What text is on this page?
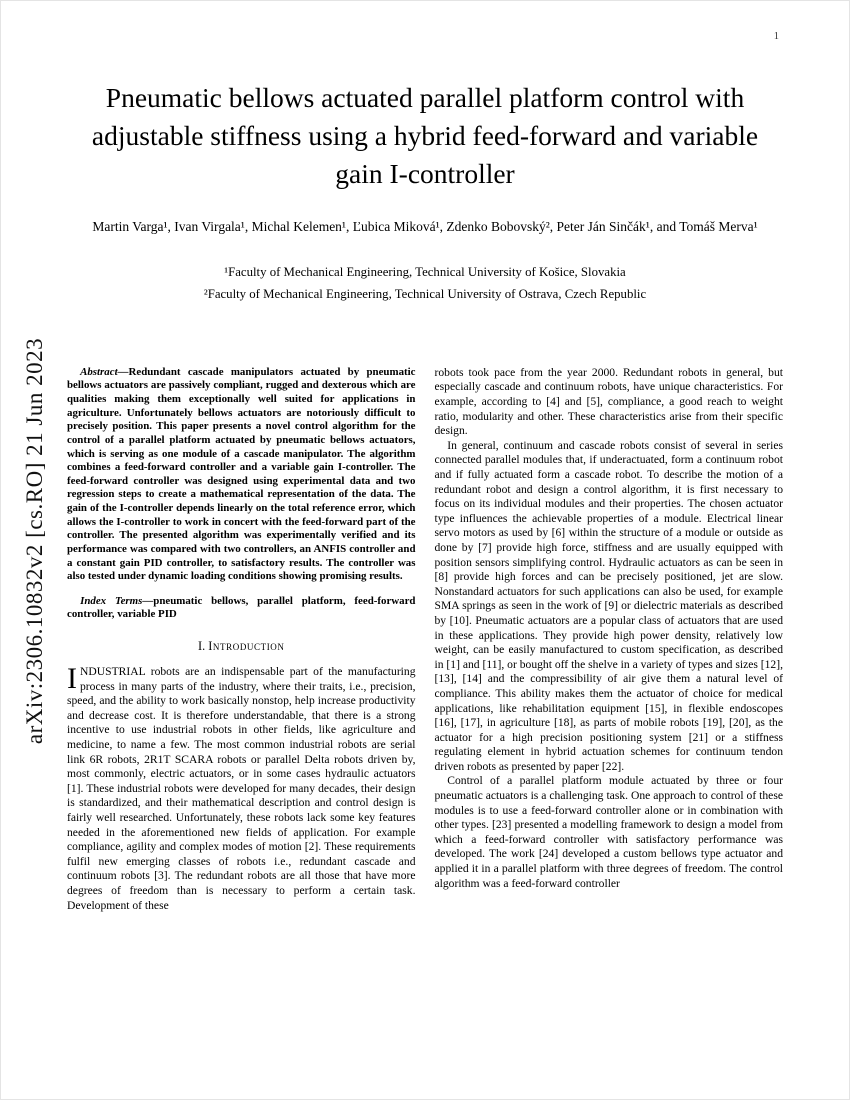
1
arXiv:2306.10832v2 [cs.RO] 21 Jun 2023
Pneumatic bellows actuated parallel platform control with adjustable stiffness using a hybrid feed-forward and variable gain I-controller
Martin Varga¹, Ivan Virgala¹, Michal Kelemen¹, Ľubica Miková¹, Zdenko Bobovský², Peter Ján Sinčák¹, and Tomáš Merva¹
¹Faculty of Mechanical Engineering, Technical University of Košice, Slovakia
²Faculty of Mechanical Engineering, Technical University of Ostrava, Czech Republic

Abstract—Redundant cascade manipulators actuated by pneumatic bellows actuators are passively compliant, rugged and dexterous which are qualities making them exceptionally well suited for applications in agriculture. Unfortunately bellows actuators are notoriously difficult to precisely position. This paper presents a novel control algorithm for the control of a parallel platform actuated by pneumatic bellows actuators, which is serving as one module of a cascade manipulator. The algorithm combines a feed-forward controller and a variable gain I-controller. The feed-forward controller was designed using experimental data and two regression steps to create a mathematical representation of the data. The gain of the I-controller depends linearly on the total reference error, which allows the I-controller to work in concert with the feed-forward part of the controller. The presented algorithm was experimentally verified and its performance was compared with two controllers, an ANFIS controller and a constant gain PID controller, to satisfactory results. The controller was also tested under dynamic loading conditions showing promising results.

Index Terms—pneumatic bellows, parallel platform, feed-forward controller, variable PID

I. Introduction

INDUSTRIAL robots are an indispensable part of the manufacturing process in many parts of the industry, where their traits, i.e., precision, speed, and the ability to work basically nonstop, help increase productivity and decrease cost. It is therefore understandable, that there is a strong incentive to use industrial robots in other fields, like agriculture and medicine, to name a few. The most common industrial robots are serial link 6R robots, 2R1T SCARA robots or parallel Delta robots driven by, most commonly, electric actuators, or in some cases hydraulic actuators [1]. These industrial robots were developed for many decades, their design is standardized, and their mathematical description and control design is fairly well researched. Unfortunately, these robots lack some key features needed in the aforementioned new fields of application. For example compliance, agility and complex modes of motion [2]. These requirements fulfil new emerging classes of robots i.e., redundant cascade and continuum robots [3]. The redundant robots are all those that have more degrees of freedom than is necessary to perform a certain task. Development of these

robots took pace from the year 2000. Redundant robots in general, but especially cascade and continuum robots, have unique characteristics. For example, according to [4] and [5], compliance, a good reach to weight ratio, modularity and other. These characteristics arise from their specific design.

In general, continuum and cascade robots consist of several in series connected parallel modules that, if underactuated, form a continuum robot and if fully actuated form a cascade robot. To describe the motion of a redundant robot and design a control algorithm, it is first necessary to focus on its individual modules and their properties. The chosen actuator type influences the achievable properties of a module. Electrical linear servo motors as used by [6] within the structure of a module or outside as done by [7] provide high force, stiffness and are usually equipped with position sensors simplifying control. Hydraulic actuators as can be seen in [8] provide high forces and can be precisely positioned, jet are slow. Nonstandard actuators for such applications can also be used, for example SMA springs as seen in the work of [9] or dielectric materials as described by [10]. Pneumatic actuators are a popular class of actuators that are used in these applications. They provide high power density, relatively low weight, can be easily manufactured to custom specification, as described in [1] and [11], or bought off the shelve in a variety of types and sizes [12], [13], [14] and the compressibility of air give them a natural level of compliance. This ability makes them the actuator of choice for medical applications, like rehabilitation equipment [15], in flexible endoscopes [16], [17], in agriculture [18], as parts of mobile robots [19], [20], as the actuator for a high precision positioning system [21] or a stiffness regulating element in hybrid actuation schemes for continuum tendon driven robots as presented by paper [22].

Control of a parallel platform module actuated by three or four pneumatic actuators is a challenging task. One approach to control of these modules is to use a feed-forward controller alone or in combination with other types. [23] presented a modelling framework to design a model from which a feed-forward controller with satisfactory performance was developed. The work [24] developed a custom bellows type actuator and applied it in a parallel platform with three degrees of freedom. The control algorithm was a feed-forward controller
